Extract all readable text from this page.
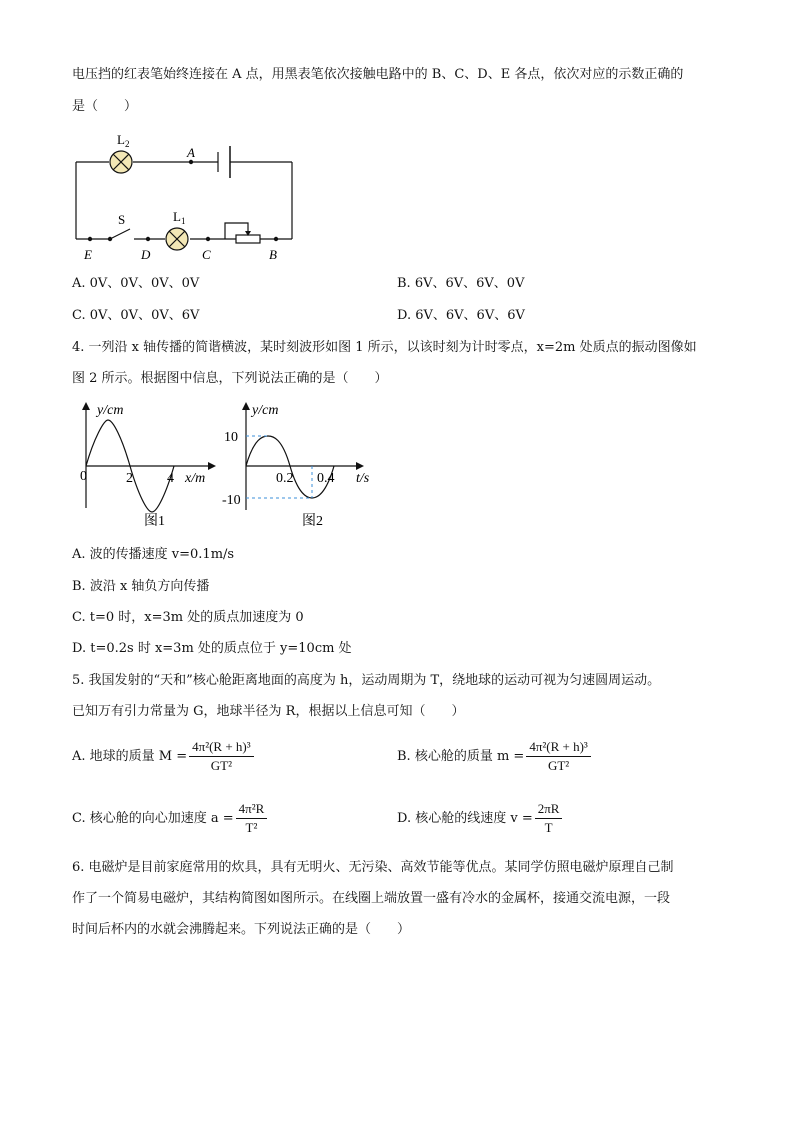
电压挡的红表笔始终连接在 A 点，用黑表笔依次接触电路中的 B、C、D、E 各点，依次对应的示数正确的
是（　　）
$L_2$
$L_1$
S
A
E	D	C	B
A. 0V、0V、0V、0V	B. 6V、6V、6V、0V
C. 0V、0V、0V、6V	D. 6V、6V、6V、6V
4. 一列沿 x 轴传播的简谐横波，某时刻波形如图 1 所示，以该时刻为计时零点，x=2m 处质点的振动图像如
图 2 所示。根据图中信息，下列说法正确的是（　　）
y/cm
x/m
0	2 4
图1
y/cm
10
-10
0.2 0.4 t/s
图2
A. 波的传播速度 v=0.1m/s
B. 波沿 x 轴负方向传播
C. t=0 时，x=3m 处的质点加速度为 0
D. t=0.2s 时 x=3m 处的质点位于 y=10cm 处
5. 我国发射的“天和”核心舱距离地面的高度为 h，运动周期为 T，绕地球的运动可视为匀速圆周运动。
已知万有引力常量为 G，地球半径为 R，根据以上信息可知（　　）
A. 地球的质量 $M = \frac{\text{4π²(R + h)³}}{\text{GT²}}$	B. 核心舱的质量 $m = \frac{\text{4π²(R + h)³}}{\text{GT²}}$
C. 核心舱的向心加速度 $a = \frac{\text{4π²R}}{\text{T²}}$	D. 核心舱的线速度 $v = \frac{2\pi R}{T}$
6. 电磁炉是目前家庭常用的炊具，具有无明火、无污染、高效节能等优点。某同学仿照电磁炉原理自己制
作了一个简易电磁炉，其结构简图如图所示。在线圈上端放置一盛有冷水的金属杯，接通交流电源，一段
时间后杯内的水就会沸腾起来。下列说法正确的是（　　）
